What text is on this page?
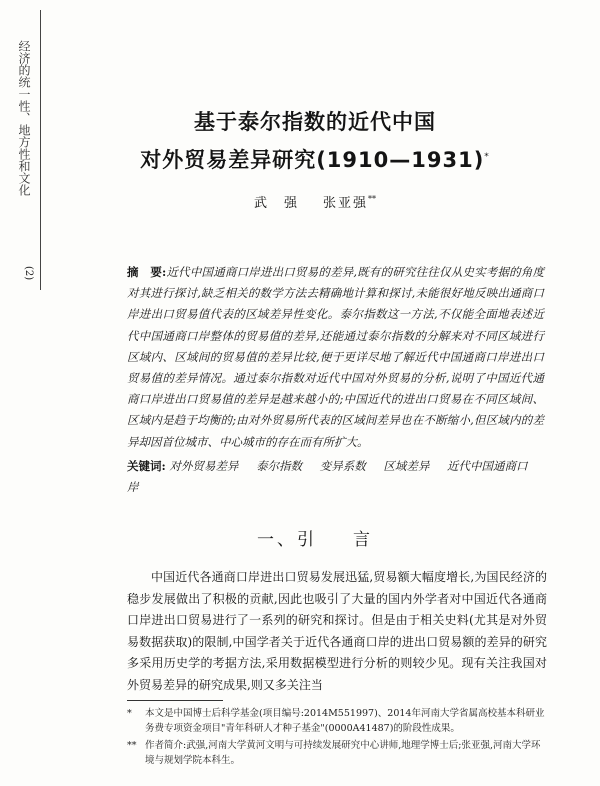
经济的统一性、地方性和文化
(2)
基于泰尔指数的近代中国
对外贸易差异研究(1910—1931)*
武　强 张亚强**
摘　要:近代中国通商口岸进出口贸易的差异,既有的研究往往仅从史实考据的角度对其进行探讨,缺乏相关的数学方法去精确地计算和探讨,未能很好地反映出通商口岸进出口贸易值代表的区域差异性变化。泰尔指数这一方法,不仅能全面地表述近代中国通商口岸整体的贸易值的差异,还能通过泰尔指数的分解来对不同区域进行区域内、区域间的贸易值的差异比较,便于更详尽地了解近代中国通商口岸进出口贸易值的差异情况。通过泰尔指数对近代中国对外贸易的分析,说明了中国近代通商口岸进出口贸易值的差异是越来越小的;中国近代的进出口贸易在不同区域间、区域内是趋于均衡的;由对外贸易所代表的区域间差异也在不断缩小,但区域内的差异却因首位城市、中心城市的存在而有所扩大。
关键词: 对外贸易差异 泰尔指数 变异系数 区域差异 近代中国通商口岸
一、引 言
中国近代各通商口岸进出口贸易发展迅猛,贸易额大幅度增长,为国民经济的稳步发展做出了积极的贡献,因此也吸引了大量的国内外学者对中国近代各通商口岸进出口贸易进行了一系列的研究和探讨。但是由于相关史料(尤其是对外贸易数据获取)的限制,中国学者关于近代各通商口岸的进出口贸易额的差异的研究多采用历史学的考据方法,采用数据模型进行分析的则较少见。现有关注我国对外贸易差异的研究成果,则又多关注当
* 本文是中国博士后科学基金(项目编号:2014M551997)、2014年河南大学省属高校基本科研业务费专项资金项目"青年科研人才种子基金"(0000A41487)的阶段性成果。
** 作者简介:武强,河南大学黄河文明与可持续发展研究中心讲师,地理学博士后;张亚强,河南大学环境与规划学院本科生。
